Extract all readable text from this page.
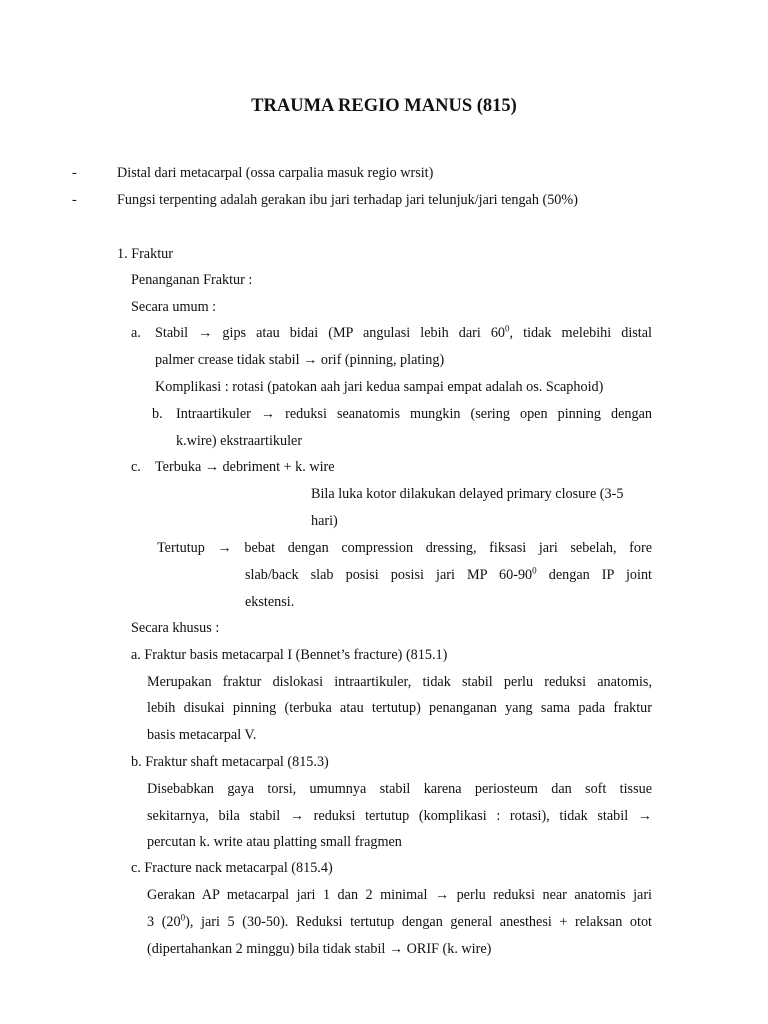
TRAUMA REGIO MANUS (815)
-	Distal dari metacarpal (ossa carpalia masuk regio wrsit)
-	Fungsi terpenting adalah gerakan ibu jari terhadap jari telunjuk/jari tengah (50%)
1. Fraktur
Penanganan Fraktur :
Secara umum :
a. Stabil → gips atau bidai (MP angulasi lebih dari $60^0$, tidak melebihi distal
palmer crease tidak stabil → orif (pinning, plating)
Komplikasi : rotasi (patokan aah jari kedua sampai empat adalah os. Scaphoid)
b. Intraartikuler → reduksi seanatomis mungkin (sering open pinning dengan
k.wire) ekstraartikuler
c. Terbuka → debriment + k. wire
Bila luka kotor dilakukan delayed primary closure (3-5
hari)
Tertutup → bebat dengan compression dressing, fiksasi jari sebelah, fore
slab/back slab posisi posisi jari MP $60-90^0$ dengan IP joint
ekstensi.
Secara khusus :
a. Fraktur basis metacarpal I (Bennet’s fracture) (815.1)
Merupakan fraktur dislokasi intraartikuler, tidak stabil perlu reduksi anatomis,
lebih disukai pinning (terbuka atau tertutup) penanganan yang sama pada fraktur
basis metacarpal V.
b. Fraktur shaft metacarpal (815.3)
Disebabkan gaya torsi, umumnya stabil karena periosteum dan soft tissue
sekitarnya, bila stabil → reduksi tertutup (komplikasi : rotasi), tidak stabil →
percutan k. write atau platting small fragmen
c. Fracture nack metacarpal (815.4)
Gerakan AP metacarpal jari 1 dan 2 minimal → perlu reduksi near anatomis jari
3 $(20^0)$, jari 5 (30-50). Reduksi tertutup dengan general anesthesi + relaksan otot
(dipertahankan 2 minggu) bila tidak stabil → ORIF (k. wire)
